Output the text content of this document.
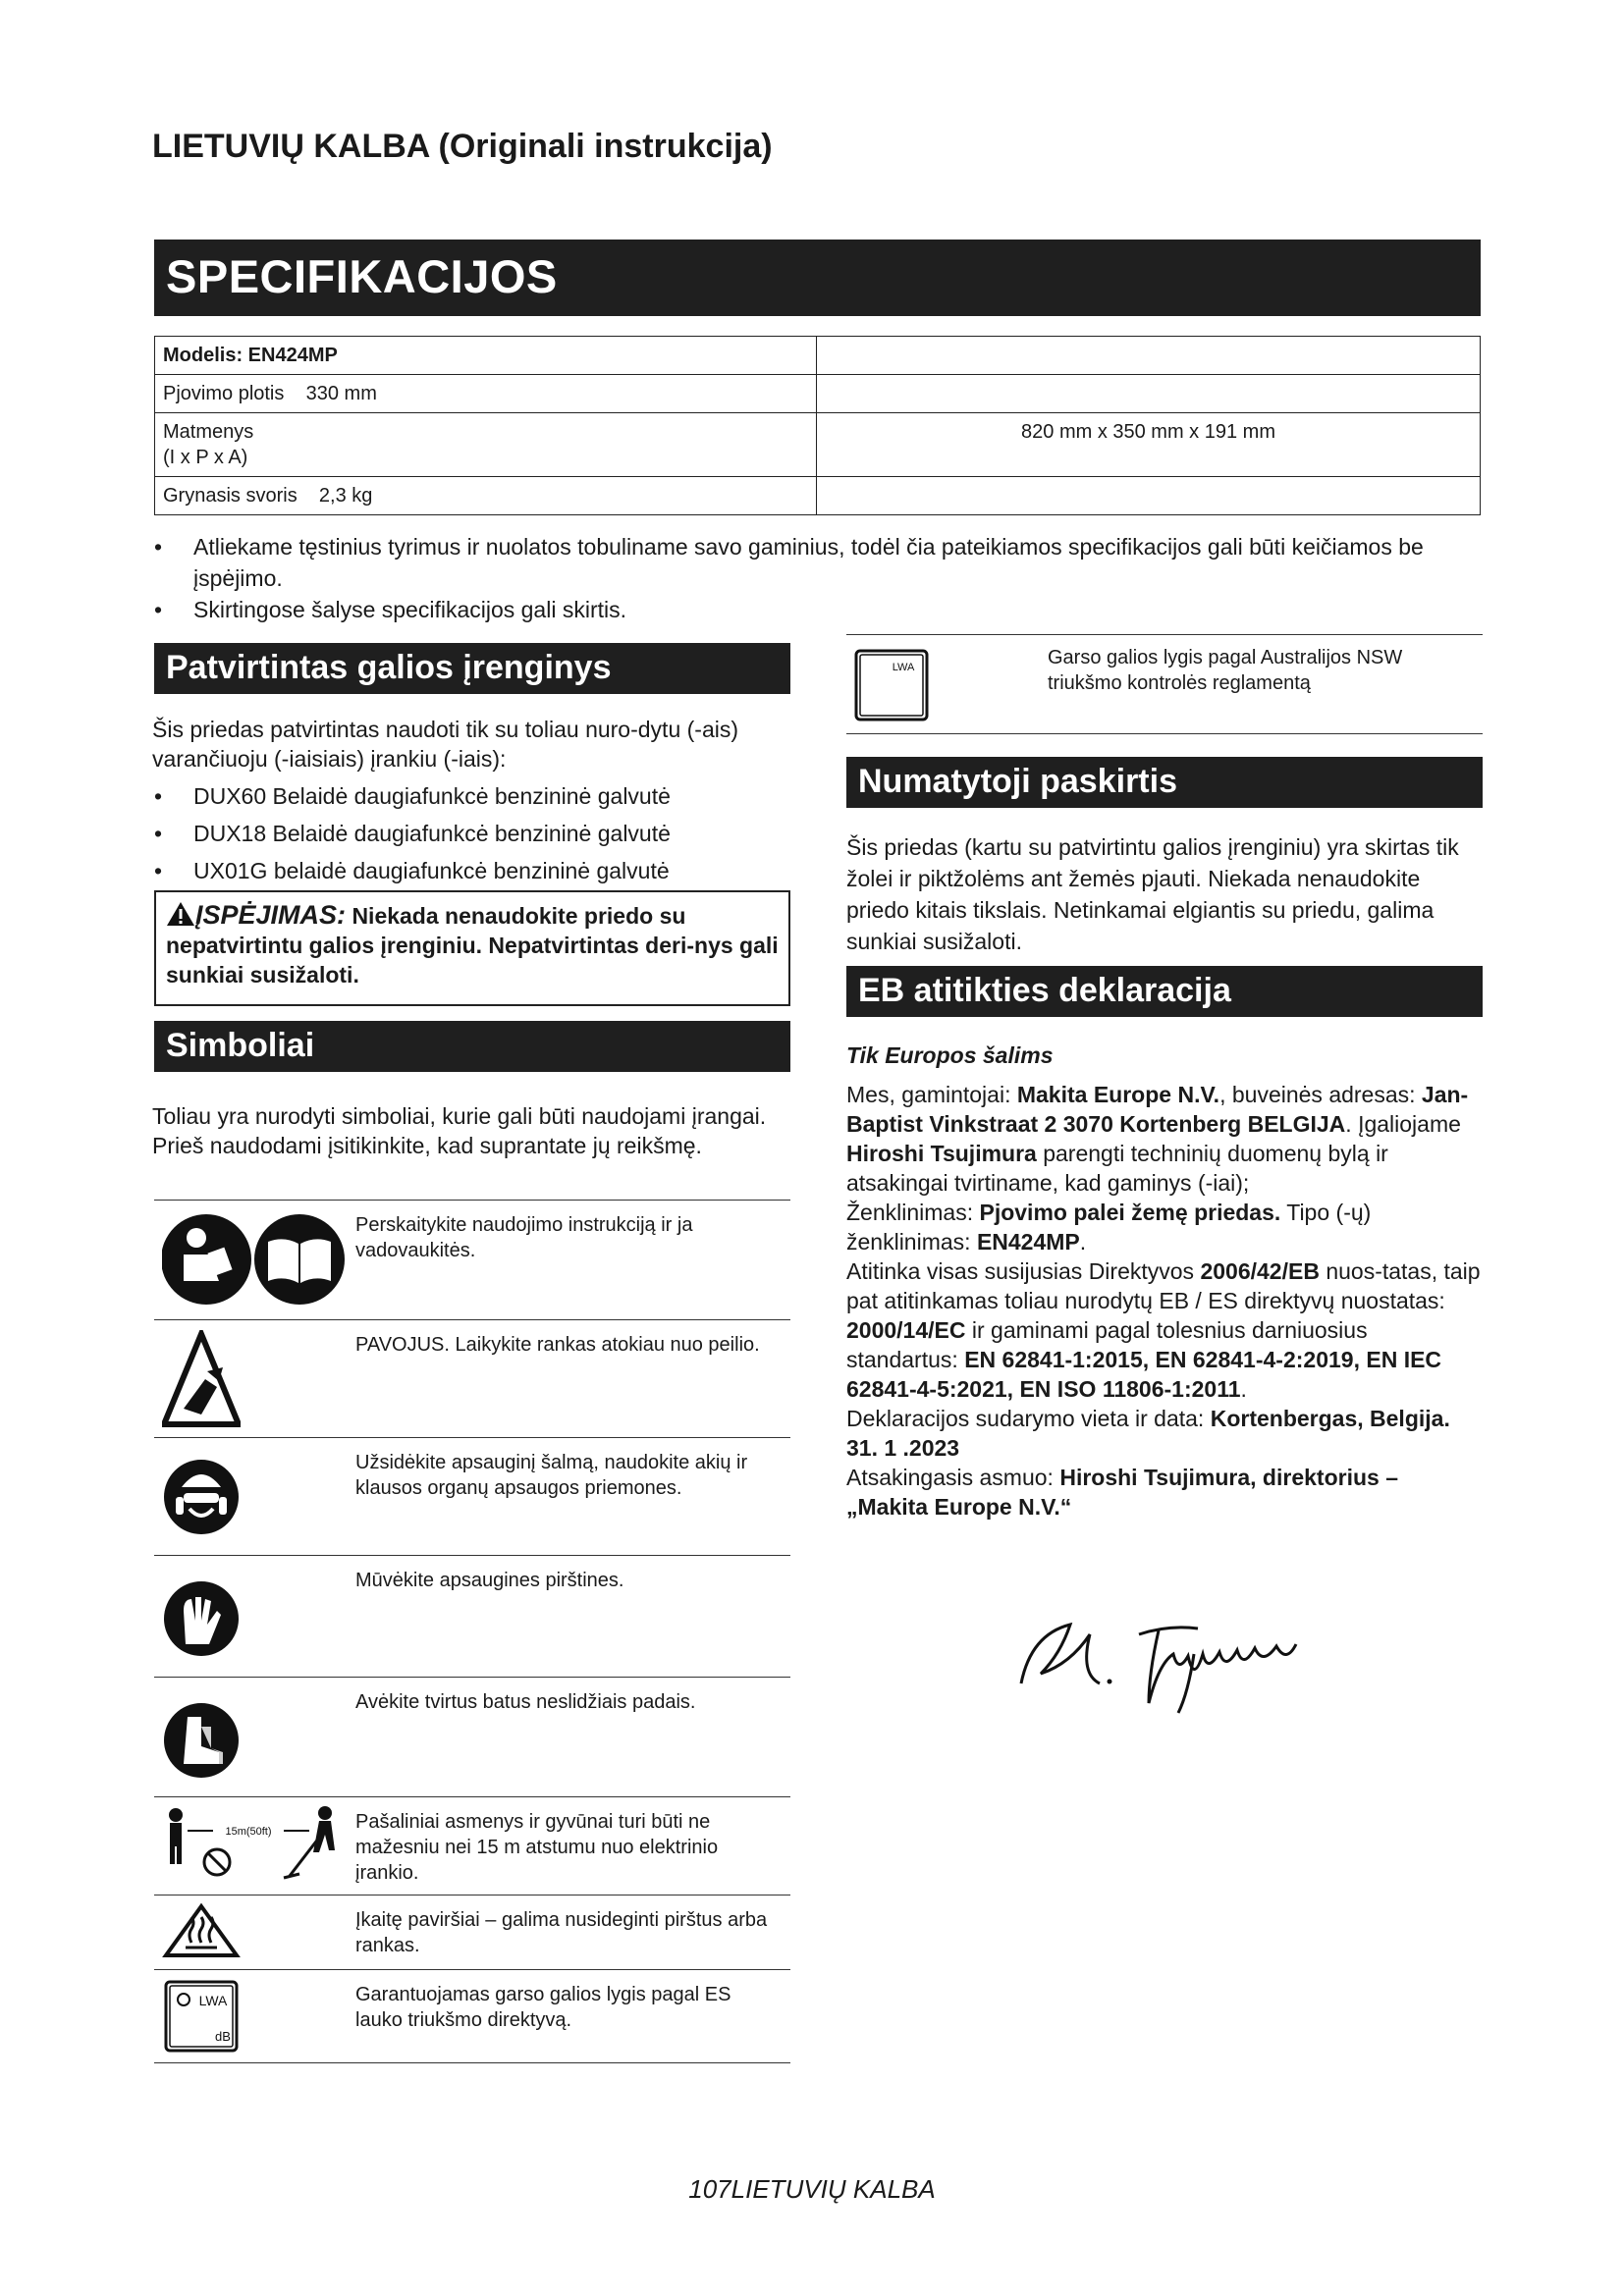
LIETUVIŲ KALBA (Originali instrukcija)
SPECIFIKACIJOS
Modelis: EN424MP	
Pjovimo plotis    330 mm	

Matmenys
(I x P x A)	820 mm x 350 mm x 191 mm
Grynasis svoris    2,3 kg	
• Atliekame tęstinius tyrimus ir nuolatos tobuliname savo gaminius, todėl čia pateikiamos specifikacijos gali būti keičiamos be įspėjimo.
• Skirtingose šalyse specifikacijos gali skirtis.
Patvirtintas galios įrenginys
Šis priedas patvirtintas naudoti tik su toliau nuro-dytu (-ais) varančiuoju (-iaisiais) įrankiu (-iais):
• DUX60 Belaidė daugiafunkcė benzininė galvutė
• DUX18 Belaidė daugiafunkcė benzininė galvutė
• UX01G belaidė daugiafunkcė benzininė galvutė
ĮSPĖJIMAS: Niekada nenaudokite priedo su nepatvirtintu galios įrenginiu. Nepatvirtintas deri-nys gali sunkiai susižaloti.
Simboliai
Toliau yra nurodyti simboliai, kurie gali būti naudojami įrangai. Prieš naudodami įsitikinkite, kad suprantate jų reikšmę.
Perskaitykite naudojimo instrukciją ir ja vadovaukitės.
PAVOJUS. Laikykite rankas atokiau nuo peilio.
Užsidėkite apsauginį šalmą, naudokite akių ir klausos organų apsaugos priemones.
Mūvėkite apsaugines pirštines.
Avėkite tvirtus batus neslidžiais padais.
15m(50ft)	Pašaliniai asmenys ir gyvūnai turi būti ne mažesniu nei 15 m atstumu nuo elektrinio įrankio.
Įkaitę paviršiai – galima nusideginti pirštus arba rankas.
LWA
dB
Garantuojamas garso galios lygis pagal ES lauko triukšmo direktyvą.
LWA	Garso galios lygis pagal Australijos NSW triukšmo kontrolės reglamentą
Numatytoji paskirtis
Šis priedas (kartu su patvirtintu galios įrenginiu) yra skirtas tik žolei ir piktžolėms ant žemės pjauti. Niekada nenaudokite priedo kitais tikslais. Netinkamai elgiantis su priedu, galima sunkiai susižaloti.
EB atitikties deklaracija
Tik Europos šalims
Mes, gamintojai: Makita Europe N.V., buveinės adresas: Jan-Baptist Vinkstraat 2 3070 Kortenberg BELGIJA. Įgaliojame Hiroshi Tsujimura parengti techninių duomenų bylą ir atsakingai tvirtiname, kad gaminys (-iai);
Ženklinimas: Pjovimo palei žemę priedas. Tipo (-ų) ženklinimas: EN424MP.
Atitinka visas susijusias Direktyvos 2006/42/EB nuos-tatas, taip pat atitinkamas toliau nurodytų EB / ES direktyvų nuostatas: 2000/14/EC ir gaminami pagal tolesnius darniuosius standartus: EN 62841-1:2015, EN 62841-4-2:2019, EN IEC 62841-4-5:2021, EN ISO 11806-1:2011.
Deklaracijos sudarymo vieta ir data: Kortenbergas, Belgija. 31. 1 .2023
Atsakingasis asmuo: Hiroshi Tsujimura, direktorius – „Makita Europe N.V.“
107LIETUVIŲ KALBA
